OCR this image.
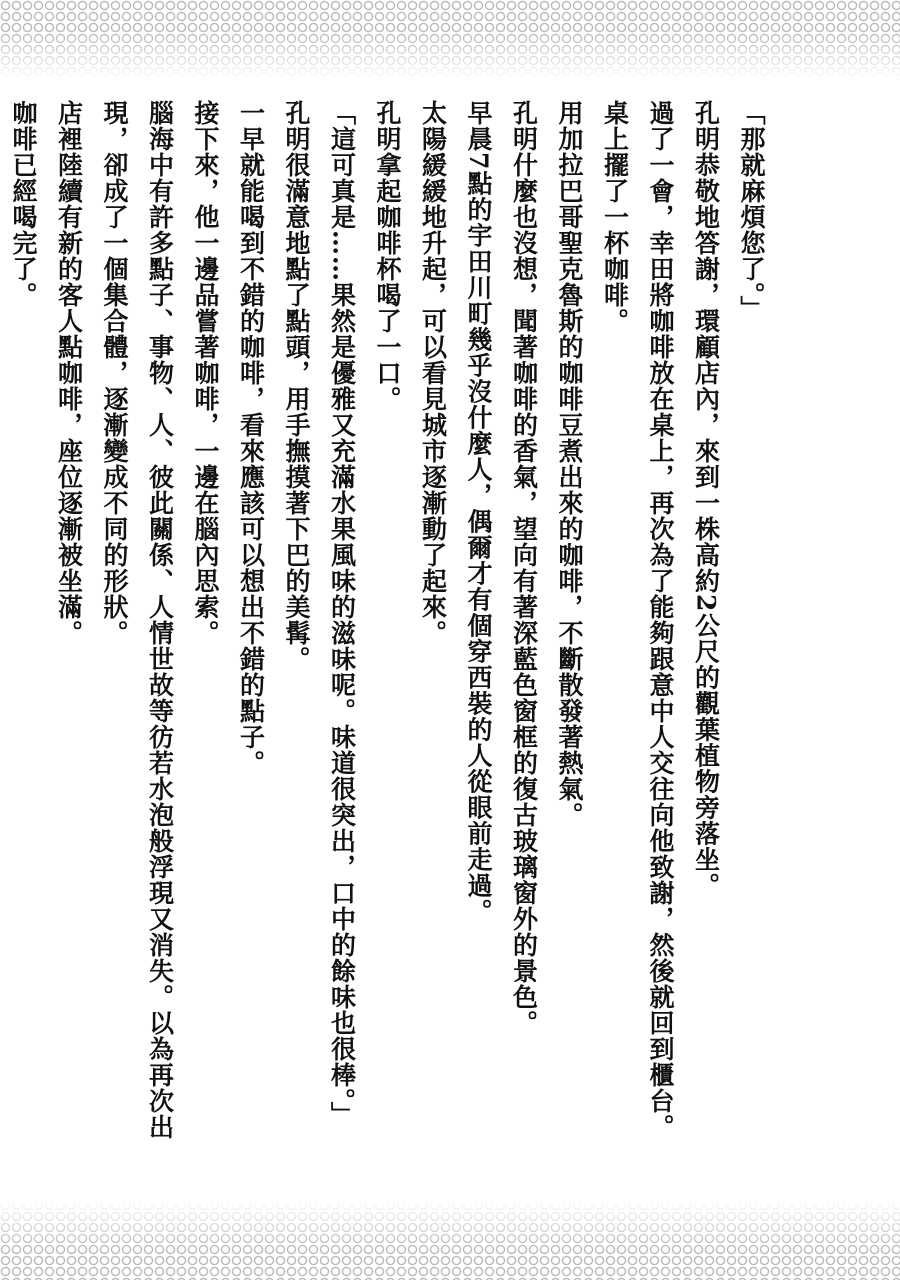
「那就麻煩您了。」

孔明恭敬地答謝，環顧店內，來到一株高約2公尺的觀葉植物旁落坐。

過了一會，幸田將咖啡放在桌上，再次為了能夠跟意中人交往向他致謝，然後就回到櫃台。

桌上擺了一杯咖啡。

用加拉巴哥聖克魯斯的咖啡豆煮出來的咖啡，不斷散發著熱氣。

孔明什麼也沒想，聞著咖啡的香氣，望向有著深藍色窗框的復古玻璃窗外的景色。

早晨7點的宇田川町幾乎沒什麼人，偶爾才有個穿西裝的人從眼前走過。

太陽緩緩地升起，可以看見城市逐漸動了起來。

孔明拿起咖啡杯喝了一口。

「這可真是……果然是優雅又充滿水果風味的滋味呢。味道很突出，口中的餘味也很棒。」

孔明很滿意地點了點頭，用手撫摸著下巴的美髯。

一早就能喝到不錯的咖啡，看來應該可以想出不錯的點子。

接下來，他一邊品嘗著咖啡，一邊在腦內思索。

腦海中有許多點子、事物、人、彼此關係、人情世故等彷若水泡般浮現又消失。以為再次出現，卻成了一個集合體，逐漸變成不同的形狀。

店裡陸續有新的客人點咖啡，座位逐漸被坐滿。

咖啡已經喝完了。
